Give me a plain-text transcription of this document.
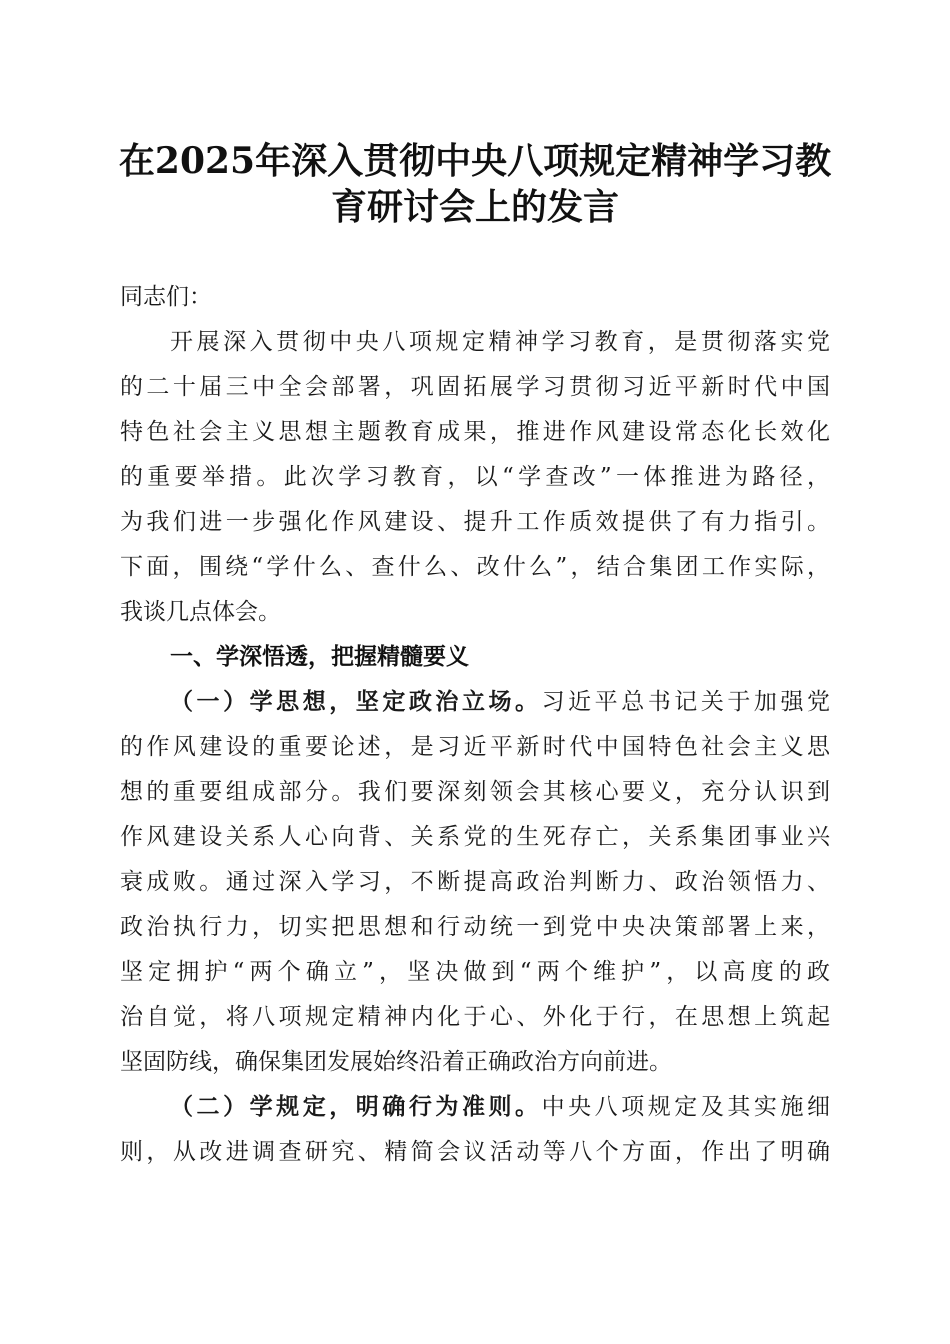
在2025年深入贯彻中央八项规定精神学习教
育研讨会上的发言
同志们：
开展深入贯彻中央八项规定精神学习教育，是贯彻落实党
的二十届三中全会部署，巩固拓展学习贯彻习近平新时代中国
特色社会主义思想主题教育成果，推进作风建设常态化长效化
的重要举措。此次学习教育，以“学查改”一体推进为路径，
为我们进一步强化作风建设、提升工作质效提供了有力指引。
下面，围绕“学什么、查什么、改什么”，结合集团工作实际，
我谈几点体会。
一、学深悟透，把握精髓要义
（一）学思想，坚定政治立场。习近平总书记关于加强党
的作风建设的重要论述，是习近平新时代中国特色社会主义思
想的重要组成部分。我们要深刻领会其核心要义，充分认识到
作风建设关系人心向背、关系党的生死存亡，关系集团事业兴
衰成败。通过深入学习，不断提高政治判断力、政治领悟力、
政治执行力，切实把思想和行动统一到党中央决策部署上来，
坚定拥护“两个确立”，坚决做到“两个维护”，以高度的政
治自觉，将八项规定精神内化于心、外化于行，在思想上筑起
坚固防线，确保集团发展始终沿着正确政治方向前进。
（二）学规定，明确行为准则。中央八项规定及其实施细
则，从改进调查研究、精简会议活动等八个方面，作出了明确
